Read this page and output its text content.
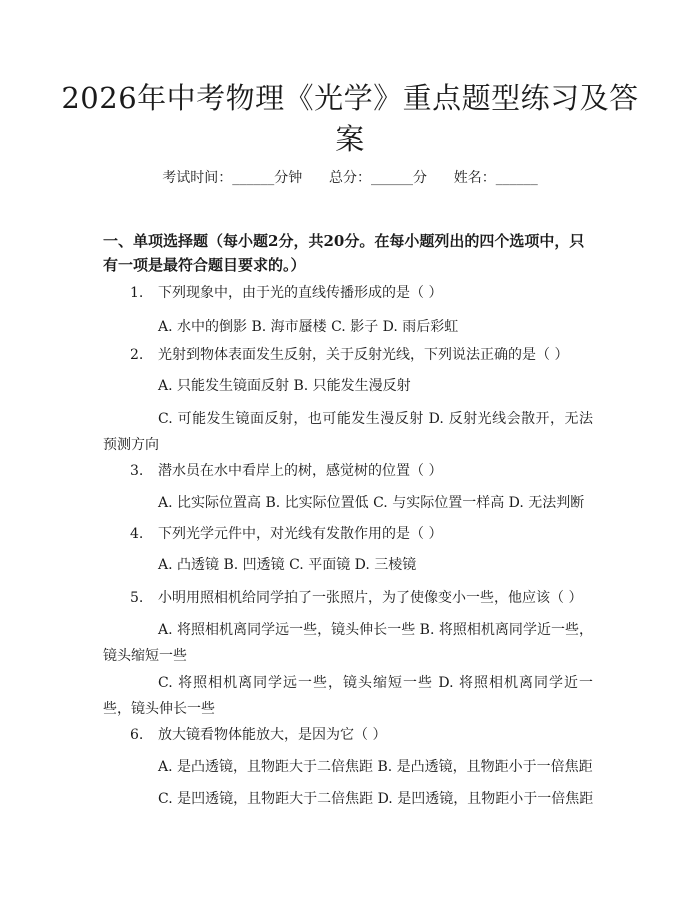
2026年中考物理《光学》重点题型练习及答案
考试时间：______分钟 总分：______分 姓名：______
一、单项选择题（每小题2分，共20分。在每小题列出的四个选项中，只有一项是最符合题目要求的。）
1. 下列现象中，由于光的直线传播形成的是（ ）
A. 水中的倒影 B. 海市蜃楼 C. 影子 D. 雨后彩虹
2. 光射到物体表面发生反射，关于反射光线，下列说法正确的是（ ）
A. 只能发生镜面反射 B. 只能发生漫反射
C. 可能发生镜面反射，也可能发生漫反射 D. 反射光线会散开，无法预测方向
3. 潜水员在水中看岸上的树，感觉树的位置（ ）
A. 比实际位置高 B. 比实际位置低 C. 与实际位置一样高 D. 无法判断
4. 下列光学元件中，对光线有发散作用的是（ ）
A. 凸透镜 B. 凹透镜 C. 平面镜 D. 三棱镜
5. 小明用照相机给同学拍了一张照片，为了使像变小一些，他应该（ ）
A. 将照相机离同学远一些，镜头伸长一些 B. 将照相机离同学近一些，镜头缩短一些
C. 将照相机离同学远一些，镜头缩短一些 D. 将照相机离同学近一些，镜头伸长一些
6. 放大镜看物体能放大，是因为它（ ）
A. 是凸透镜，且物距大于二倍焦距 B. 是凸透镜，且物距小于一倍焦距
C. 是凹透镜，且物距大于二倍焦距 D. 是凹透镜，且物距小于一倍焦距
